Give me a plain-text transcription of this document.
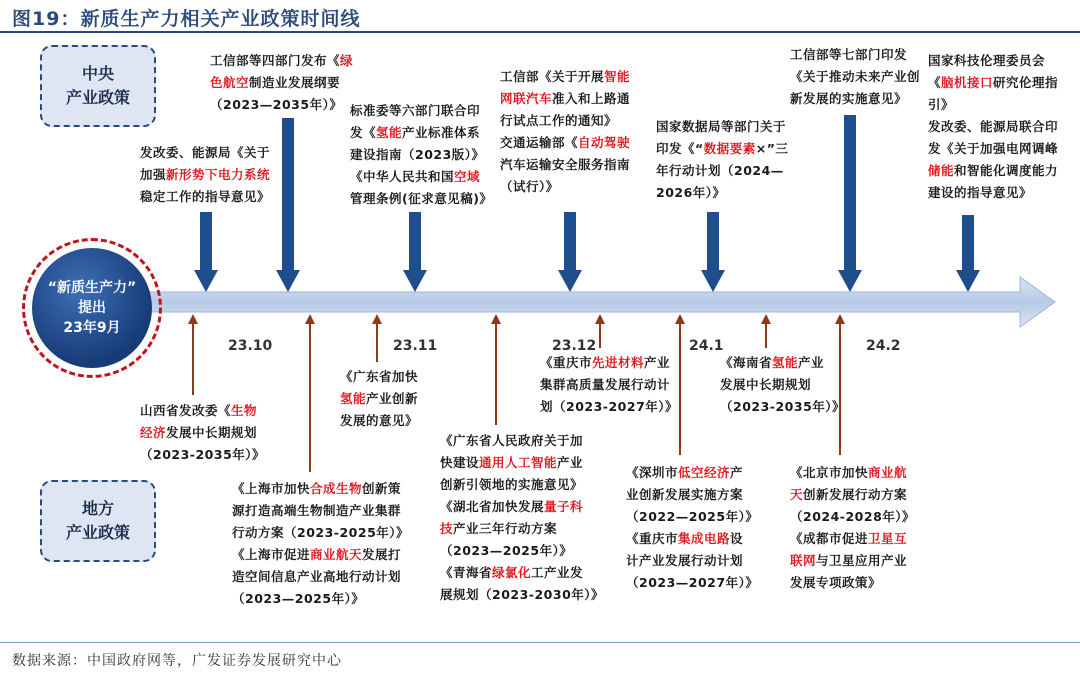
图19：新质生产力相关产业政策时间线
中央
产业政策
地方
产业政策
“新质生产力”
提出
23年9月
23.10	23.11	23.12	24.1	24.2
发改委、能源局《关于
加强新形势下电力系统
稳定工作的指导意见》
工信部等四部门发布《绿
色航空制造业发展纲要
（2023—2035年）》 标准委等六部门联合印
发《氢能产业标准体系
建设指南（2023版）》
《中华人民共和国空域
管理条例(征求意见稿)》
工信部《关于开展智能
网联汽车准入和上路通
行试点工作的通知》
交通运输部《自动驾驶
汽车运输安全服务指南
（试行）》
国家数据局等部门关于
印发《“数据要素×”三
年行动计划（2024—
2026年）》
工信部等七部门印发
《关于推动未来产业创
新发展的实施意见》
国家科技伦理委员会
《脑机接口研究伦理指
引》
发改委、能源局联合印
发《关于加强电网调峰
储能和智能化调度能力
建设的指导意见》
山西省发改委《生物
经济发展中长期规划
（2023-2035年）》
《上海市加快合成生物创新策
源打造高端生物制造产业集群
行动方案（2023-2025年）》
《上海市促进商业航天发展打
造空间信息产业高地行动计划
（2023—2025年）》
《广东省加快
氢能产业创新
发展的意见》
《广东省人民政府关于加
快建设通用人工智能产业
创新引领地的实施意见》
《湖北省加快发展量子科
技产业三年行动方案
（2023—2025年）》
《青海省绿氯化工产业发
展规划（2023-2030年）》
《重庆市先进材料产业
集群高质量发展行动计
划（2023-2027年）》
《深圳市低空经济产
业创新发展实施方案
（2022—2025年）》
《重庆市集成电路设
计产业发展行动计划
（2023—2027年）》
《海南省氢能产业
发展中长期规划
（2023-2035年）》
《北京市加快商业航
天创新发展行动方案
（2024-2028年）》
《成都市促进卫星互
联网与卫星应用产业
发展专项政策》
数据来源：中国政府网等，广发证券发展研究中心
